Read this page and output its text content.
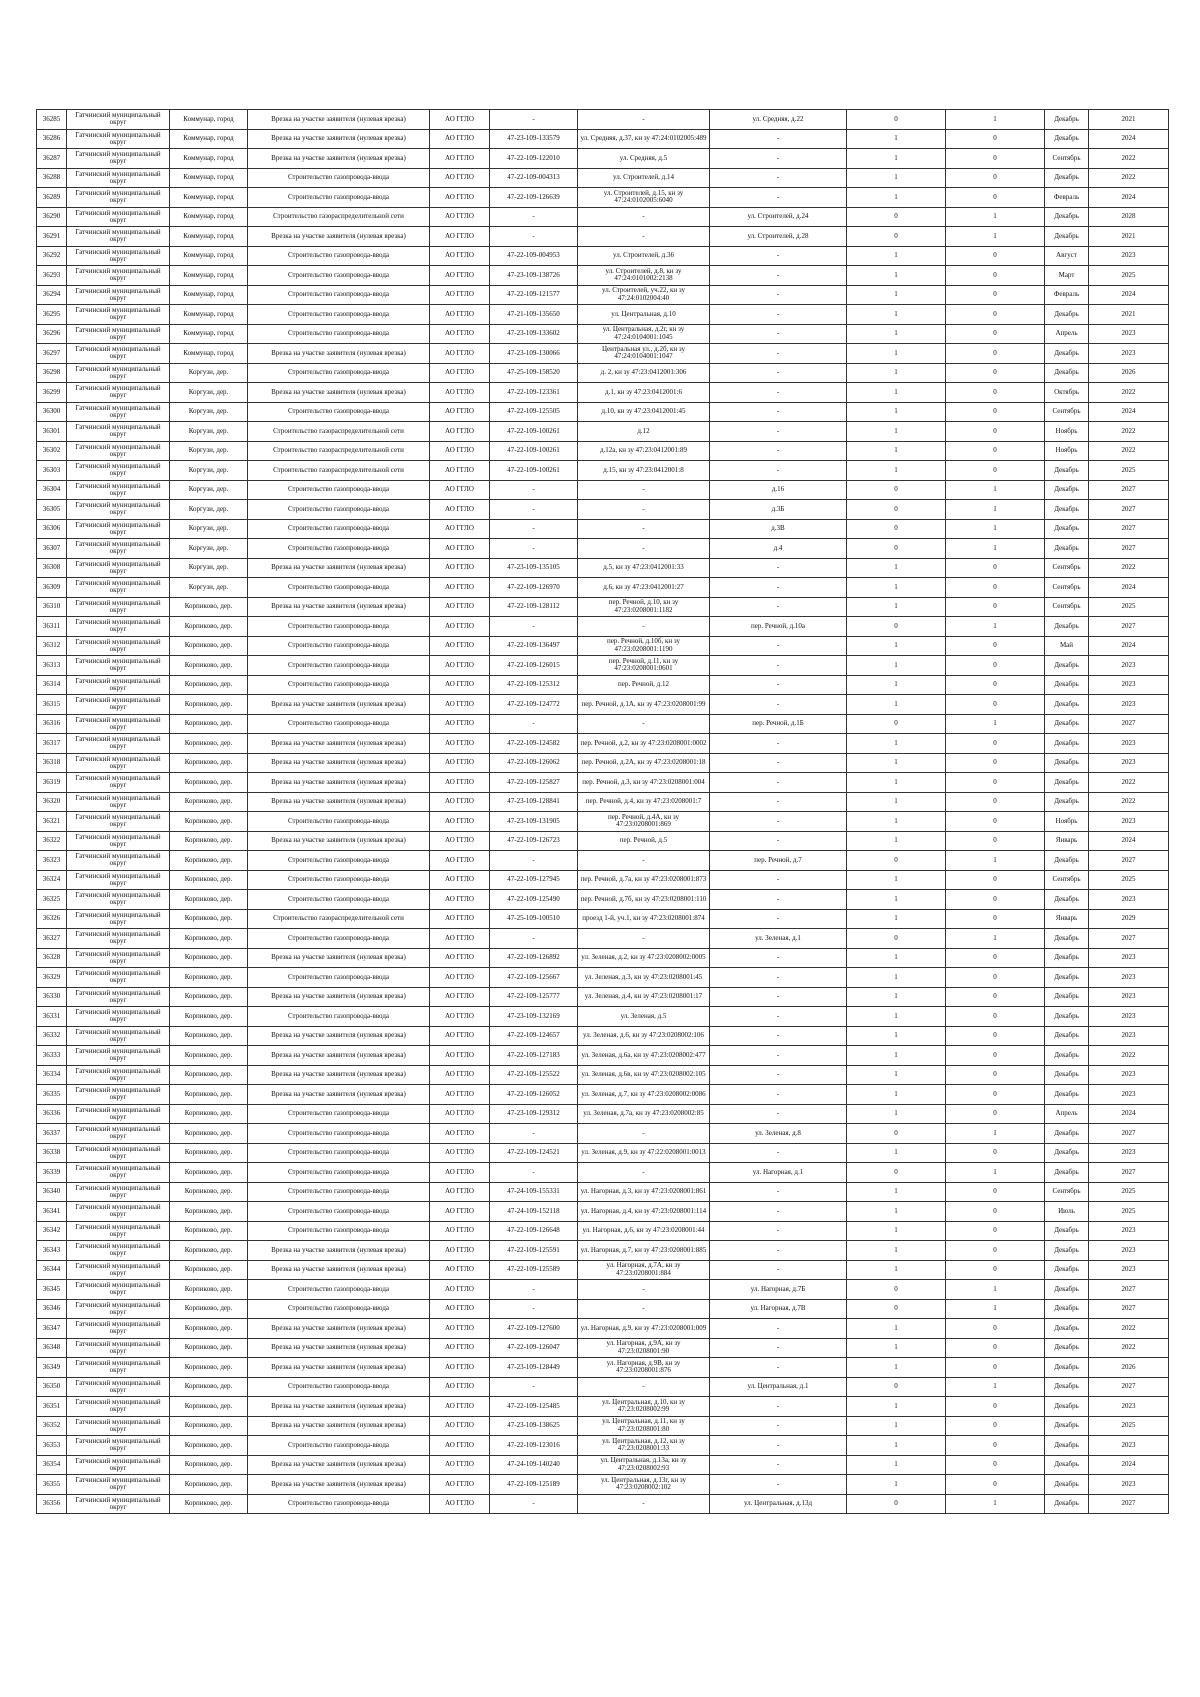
36285	Гатчинский муниципальный округ	Коммунар, город	Врезка на участке заявителя (нулевая врезка)	АО ГГЛО	-	-	ул. Средняя, д.22	0	1	Декабрь	2021
36286	Гатчинский муниципальный округ	Коммунар, город	Врезка на участке заявителя (нулевая врезка)	АО ГГЛО	47-23-109-133579	ул. Средняя, д.37, кн зу 47:24:0102005:489	-	1	0	Декабрь	2024
36287	Гатчинский муниципальный округ	Коммунар, город	Врезка на участке заявителя (нулевая врезка)	АО ГГЛО	47-22-109-122010	ул. Средняя, д.5	-	1	0	Сентябрь	2022
36288	Гатчинский муниципальный округ	Коммунар, город	Строительство газопровода-ввода	АО ГГЛО	47-22-109-004313	ул. Строителей, д.14	-	1	0	Декабрь	2022
36289	Гатчинский муниципальный округ	Коммунар, город	Строительство газопровода-ввода	АО ГГЛО	47-22-109-126639	ул. Строителей, д.15, кн зу 47:24:0102005:6040	-	1	0	Февраль	2024
36290	Гатчинский муниципальный округ	Коммунар, город	Строительство газораспределительной сети	АО ГГЛО	-	-	ул. Строителей, д.24	0	1	Декабрь	2028
36291	Гатчинский муниципальный округ	Коммунар, город	Врезка на участке заявителя (нулевая врезка)	АО ГГЛО	-	-	ул. Строителей, д.28	0	1	Декабрь	2021
36292	Гатчинский муниципальный округ	Коммунар, город	Строительство газопровода-ввода	АО ГГЛО	47-22-109-004953	ул. Строителей, д.36	-	1	0	Август	2023
36293	Гатчинский муниципальный округ	Коммунар, город	Строительство газопровода-ввода	АО ГГЛО	47-23-109-138726	ул. Строителей, д.8, кн зу 47:24:0101002:2138	-	1	0	Март	2025
36294	Гатчинский муниципальный округ	Коммунар, город	Строительство газопровода-ввода	АО ГГЛО	47-22-109-121577	ул. Строителей, уч.22, кн зу 47:24:0102004:40	-	1	0	Февраль	2024
36295	Гатчинский муниципальный округ	Коммунар, город	Строительство газопровода-ввода	АО ГГЛО	47-21-109-135650	ул. Центральная, д.10	-	1	0	Декабрь	2021
36296	Гатчинский муниципальный округ	Коммунар, город	Строительство газопровода-ввода	АО ГГЛО	47-23-109-133602	ул. Центральная, д.2г, кн зу 47:24:0104001:1045	-	1	0	Апрель	2023
36297	Гатчинский муниципальный округ	Коммунар, город	Врезка на участке заявителя (нулевая врезка)	АО ГГЛО	47-23-109-130066	Центральная ул., д.2б, кн зу 47:24:0104001:1047	-	1	0	Декабрь	2023
36298	Гатчинский муниципальный округ	Коргузи, дер.	Строительство газопровода-ввода	АО ГГЛО	47-25-109-158520	д. 2, кн зу 47:23:0412001:306	-	1	0	Декабрь	2026
36299	Гатчинский муниципальный округ	Коргузи, дер.	Врезка на участке заявителя (нулевая врезка)	АО ГГЛО	47-22-109-123361	д.1, кн зу 47:23:0412001:6	-	1	0	Октябрь	2022
36300	Гатчинский муниципальный округ	Коргузи, дер.	Строительство газопровода-ввода	АО ГГЛО	47-22-109-125505	д.10, кн зу 47:23:0412001:45	-	1	0	Сентябрь	2024
36301	Гатчинский муниципальный округ	Коргузи, дер.	Строительство газораспределительной сети	АО ГГЛО	47-22-109-100261	д.12	-	1	0	Ноябрь	2022
36302	Гатчинский муниципальный округ	Коргузи, дер.	Строительство газораспределительной сети	АО ГГЛО	47-22-109-100261	д.12а, кн зу 47:23:0412001:89	-	1	0	Ноябрь	2022
36303	Гатчинский муниципальный округ	Коргузи, дер.	Строительство газораспределительной сети	АО ГГЛО	47-22-109-100261	д.15, кн зу 47:23:0412001:8	-	1	0	Декабрь	2025
36304	Гатчинский муниципальный округ	Коргузи, дер.	Строительство газопровода-ввода	АО ГГЛО	-	-	д.16	0	1	Декабрь	2027
36305	Гатчинский муниципальный округ	Коргузи, дер.	Строительство газопровода-ввода	АО ГГЛО	-	-	д.3Б	0	1	Декабрь	2027
36306	Гатчинский муниципальный округ	Коргузи, дер.	Строительство газопровода-ввода	АО ГГЛО	-	-	д.3В	0	1	Декабрь	2027
36307	Гатчинский муниципальный округ	Коргузи, дер.	Строительство газопровода-ввода	АО ГГЛО	-	-	д.4	0	1	Декабрь	2027
36308	Гатчинский муниципальный округ	Коргузи, дер.	Врезка на участке заявителя (нулевая врезка)	АО ГГЛО	47-23-109-135105	д.5, кн зу 47:23:0412001:33	-	1	0	Сентябрь	2022
36309	Гатчинский муниципальный округ	Коргузи, дер.	Строительство газопровода-ввода	АО ГГЛО	47-22-109-126970	д.6, кн зу 47:23:0412001:27	-	1	0	Сентябрь	2024
36310	Гатчинский муниципальный округ	Корпиково, дер.	Врезка на участке заявителя (нулевая врезка)	АО ГГЛО	47-22-109-128112	пер. Речной, д.10, кн зу 47:23:0208001:1182	-	1	0	Сентябрь	2025
36311	Гатчинский муниципальный округ	Корпиково, дер.	Строительство газопровода-ввода	АО ГГЛО	-	-	пер. Речной, д.10а	0	1	Декабрь	2027
36312	Гатчинский муниципальный округ	Корпиково, дер.	Строительство газопровода-ввода	АО ГГЛО	47-22-109-136497	пер. Речной, д.10б, кн зу 47:23:0208001:1190	-	1	0	Май	2024
36313	Гатчинский муниципальный округ	Корпиково, дер.	Строительство газопровода-ввода	АО ГГЛО	47-22-109-126015	пер. Речной, д.11, кн зу 47:23:0208001:0601	-	1	0	Декабрь	2023
36314	Гатчинский муниципальный округ	Корпиково, дер.	Строительство газопровода-ввода	АО ГГЛО	47-22-109-125312	пер. Речной, д.12	-	1	0	Декабрь	2023
36315	Гатчинский муниципальный округ	Корпиково, дер.	Врезка на участке заявителя (нулевая врезка)	АО ГГЛО	47-22-109-124772	пер. Речной, д.1А, кн зу 47:23:0208001:99	-	1	0	Декабрь	2023
36316	Гатчинский муниципальный округ	Корпиково, дер.	Строительство газопровода-ввода	АО ГГЛО	-	-	пер. Речной, д.1Б	0	1	Декабрь	2027
36317	Гатчинский муниципальный округ	Корпиково, дер.	Врезка на участке заявителя (нулевая врезка)	АО ГГЛО	47-22-109-124582	пер. Речной, д.2, кн зу 47:23:0208001:0002	-	1	0	Декабрь	2023
36318	Гатчинский муниципальный округ	Корпиково, дер.	Врезка на участке заявителя (нулевая врезка)	АО ГГЛО	47-22-109-126062	пер. Речной, д.2А, кн зу 47:23:0208001:18	-	1	0	Декабрь	2023
36319	Гатчинский муниципальный округ	Корпиково, дер.	Врезка на участке заявителя (нулевая врезка)	АО ГГЛО	47-22-109-125827	пер. Речной, д.3, кн зу 47:23:0208001:004	-	1	0	Декабрь	2022
36320	Гатчинский муниципальный округ	Корпиково, дер.	Врезка на участке заявителя (нулевая врезка)	АО ГГЛО	47-23-109-128841	пер. Речной, д.4, кн зу 47:23:0208001:7	-	1	0	Декабрь	2022
36321	Гатчинский муниципальный округ	Корпиково, дер.	Строительство газопровода-ввода	АО ГГЛО	47-23-109-131905	пер. Речной, д.4А, кн зу 47:23:0208001:869	-	1	0	Ноябрь	2023
36322	Гатчинский муниципальный округ	Корпиково, дер.	Врезка на участке заявителя (нулевая врезка)	АО ГГЛО	47-22-109-126723	пер. Речной, д.5	-	1	0	Январь	2024
36323	Гатчинский муниципальный округ	Корпиково, дер.	Строительство газопровода-ввода	АО ГГЛО	-	-	пер. Речной, д.7	0	1	Декабрь	2027
36324	Гатчинский муниципальный округ	Корпиково, дер.	Строительство газопровода-ввода	АО ГГЛО	47-22-109-127945	пер. Речной, д.7а, кн зу 47:23:0208001:873	-	1	0	Сентябрь	2025
36325	Гатчинский муниципальный округ	Корпиково, дер.	Строительство газопровода-ввода	АО ГГЛО	47-22-109-125490	пер. Речной, д.7б, кн зу 47:23:0208001:110	-	1	0	Декабрь	2023
36326	Гатчинский муниципальный округ	Корпиково, дер.	Строительство газораспределительной сети	АО ГГЛО	47-25-109-100510	проезд 1-й, уч.1, кн зу 47:23:0208001:874	-	1	0	Январь	2029
36327	Гатчинский муниципальный округ	Корпиково, дер.	Строительство газопровода-ввода	АО ГГЛО	-	-	ул. Зеленая, д.1	0	1	Декабрь	2027
36328	Гатчинский муниципальный округ	Корпиково, дер.	Врезка на участке заявителя (нулевая врезка)	АО ГГЛО	47-22-109-126892	ул. Зеленая, д.2, кн зу 47:23:0208002:0005	-	1	0	Декабрь	2023
36329	Гатчинский муниципальный округ	Корпиково, дер.	Строительство газопровода-ввода	АО ГГЛО	47-22-109-125667	ул. Зеленая, д.3, кн зу 47:23:0208001:45	-	1	0	Декабрь	2023
36330	Гатчинский муниципальный округ	Корпиково, дер.	Врезка на участке заявителя (нулевая врезка)	АО ГГЛО	47-22-109-125777	ул. Зеленая, д.4, кн зу 47:23:0208001:17	-	1	0	Декабрь	2023
36331	Гатчинский муниципальный округ	Корпиково, дер.	Строительство газопровода-ввода	АО ГГЛО	47-23-109-132169	ул. Зеленая, д.5	-	1	0	Декабрь	2023
36332	Гатчинский муниципальный округ	Корпиково, дер.	Врезка на участке заявителя (нулевая врезка)	АО ГГЛО	47-22-109-124657	ул. Зеленая, д.6, кн зу 47:23:0208002:106	-	1	0	Декабрь	2023
36333	Гатчинский муниципальный округ	Корпиково, дер.	Врезка на участке заявителя (нулевая врезка)	АО ГГЛО	47-22-109-127183	ул. Зеленая, д.6а, кн зу 47:23:0208002:477	-	1	0	Декабрь	2022
36334	Гатчинский муниципальный округ	Корпиково, дер.	Врезка на участке заявителя (нулевая врезка)	АО ГГЛО	47-22-109-125522	ул. Зеленая, д.6в, кн зу 47:23:0208002:105	-	1	0	Декабрь	2023
36335	Гатчинский муниципальный округ	Корпиково, дер.	Врезка на участке заявителя (нулевая врезка)	АО ГГЛО	47-22-109-126052	ул. Зеленая, д.7, кн зу 47:23:0208002:0086	-	1	0	Декабрь	2023
36336	Гатчинский муниципальный округ	Корпиково, дер.	Строительство газопровода-ввода	АО ГГЛО	47-23-109-129312	ул. Зеленая, д.7а, кн зу 47:23:0208002:85	-	1	0	Апрель	2024
36337	Гатчинский муниципальный округ	Корпиково, дер.	Строительство газопровода-ввода	АО ГГЛО	-	-	ул. Зеленая, д.8	0	1	Декабрь	2027
36338	Гатчинский муниципальный округ	Корпиково, дер.	Строительство газопровода-ввода	АО ГГЛО	47-22-109-124521	ул. Зеленая, д.9, кн зу 47:22:0208001:0013	-	1	0	Декабрь	2023
36339	Гатчинский муниципальный округ	Корпиково, дер.	Строительство газопровода-ввода	АО ГГЛО	-	-	ул. Нагорная, д.1	0	1	Декабрь	2027
36340	Гатчинский муниципальный округ	Корпиково, дер.	Строительство газопровода-ввода	АО ГГЛО	47-24-109-155331	ул. Нагорная, д.3, кн зу 47:23:0208001:861	-	1	0	Сентябрь	2025
36341	Гатчинский муниципальный округ	Корпиково, дер.	Строительство газопровода-ввода	АО ГГЛО	47-24-109-152118	ул. Нагорная, д.4, кн зу 47:23:0208001:114	-	1	0	Июль	2025
36342	Гатчинский муниципальный округ	Корпиково, дер.	Строительство газопровода-ввода	АО ГГЛО	47-22-109-126648	ул. Нагорная, д.6, кн зу 47:23:0208001:44	-	1	0	Декабрь	2023
36343	Гатчинский муниципальный округ	Корпиково, дер.	Врезка на участке заявителя (нулевая врезка)	АО ГГЛО	47-22-109-125591	ул. Нагорная, д.7, кн зу 47:23:0208001:885	-	1	0	Декабрь	2023
36344	Гатчинский муниципальный округ	Корпиково, дер.	Врезка на участке заявителя (нулевая врезка)	АО ГГЛО	47-22-109-125589	ул. Нагорная, д.7А, кн зу 47:23:0208001:884	-	1	0	Декабрь	2023
36345	Гатчинский муниципальный округ	Корпиково, дер.	Строительство газопровода-ввода	АО ГГЛО	-	-	ул. Нагорная, д.7Б	0	1	Декабрь	2027
36346	Гатчинский муниципальный округ	Корпиково, дер.	Строительство газопровода-ввода	АО ГГЛО	-	-	ул. Нагорная, д.7В	0	1	Декабрь	2027
36347	Гатчинский муниципальный округ	Корпиково, дер.	Врезка на участке заявителя (нулевая врезка)	АО ГГЛО	47-22-109-127600	ул. Нагорная, д.9, кн зу 47:23:0208001:009	-	1	0	Декабрь	2022
36348	Гатчинский муниципальный округ	Корпиково, дер.	Врезка на участке заявителя (нулевая врезка)	АО ГГЛО	47-22-109-126047	ул. Нагорная, д.9А, кн зу 47:23:0208001:90	-	1	0	Декабрь	2022
36349	Гатчинский муниципальный округ	Корпиково, дер.	Врезка на участке заявителя (нулевая врезка)	АО ГГЛО	47-23-109-128449	ул. Нагорная, д.9В, кн зу 47:23:0208001:876	-	1	0	Декабрь	2026
36350	Гатчинский муниципальный округ	Корпиково, дер.	Строительство газопровода-ввода	АО ГГЛО	-	-	ул. Центральная, д.1	0	1	Декабрь	2027
36351	Гатчинский муниципальный округ	Корпиково, дер.	Врезка на участке заявителя (нулевая врезка)	АО ГГЛО	47-22-109-125485	ул. Центральная, д.10, кн зу 47:23:0208002:99	-	1	0	Декабрь	2023
36352	Гатчинский муниципальный округ	Корпиково, дер.	Врезка на участке заявителя (нулевая врезка)	АО ГГЛО	47-23-109-138625	ул. Центральная, д.11, кн зу 47:23:0208001:80	-	1	0	Декабрь	2025
36353	Гатчинский муниципальный округ	Корпиково, дер.	Строительство газопровода-ввода	АО ГГЛО	47-22-109-123016	ул. Центральная, д.12, кн зу 47:23:0208001:33	-	1	0	Декабрь	2023
36354	Гатчинский муниципальный округ	Корпиково, дер.	Врезка на участке заявителя (нулевая врезка)	АО ГГЛО	47-24-109-140240	ул. Центральная, д.13а, кн зу 47:23:0208002:93	-	1	0	Декабрь	2024
36355	Гатчинский муниципальный округ	Корпиково, дер.	Врезка на участке заявителя (нулевая врезка)	АО ГГЛО	47-22-109-125189	ул. Центральная, д.13г, кн зу 47:23:0208002:102	-	1	0	Декабрь	2023
36356	Гатчинский муниципальный округ	Корпиково, дер.	Строительство газопровода-ввода	АО ГГЛО	-	-	ул. Центральная, д.13д	0	1	Декабрь	2027
